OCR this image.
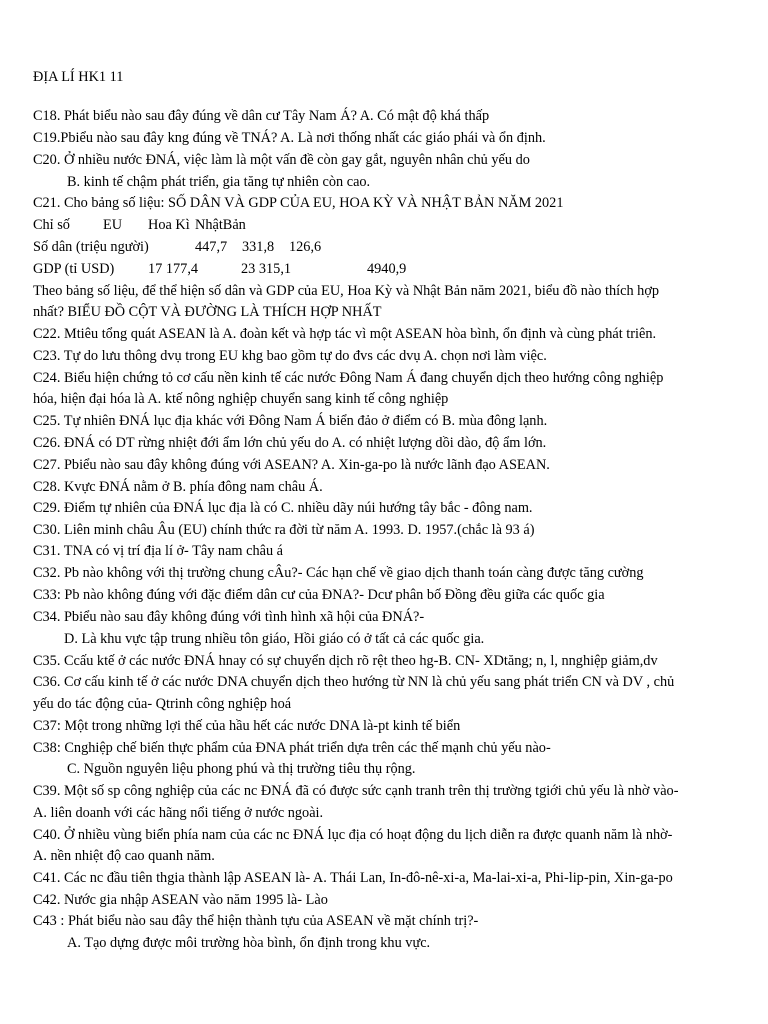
ĐỊA LÍ HK1 11
C18. Phát biểu nào sau đây đúng về dân cư Tây Nam Á? A. Có mật độ khá thấp
C19.Pbiểu nào sau đây kng đúng về TNÁ? A. Là nơi thống nhất các giáo phái và ổn định.
C20. Ở nhiều nước ĐNÁ, việc làm là một vấn đề còn gay gắt, nguyên nhân chủ yếu do
B. kinh tế chậm phát triển, gia tăng tự nhiên còn cao.
C21. Cho bảng số liệu: SỐ DÂN VÀ GDP CỦA EU, HOA KỲ VÀ NHẬT BẢN NĂM 2021
Chỉ số EU Hoa Kì NhậtBản
Số dân (triệu người)	447,7 331,8 126,6
GDP (tỉ USD) 17 177,4	23 315,1	4940,9
Theo bảng số liệu, để thể hiện số dân và GDP của EU, Hoa Kỳ và Nhật Bản năm 2021, biểu đồ nào thích hợp
nhất? BIỂU ĐỒ CỘT VÀ ĐƯỜNG LÀ THÍCH HỢP NHẤT
C22. Mtiêu tổng quát ASEAN là A. đoàn kết và hợp tác vì một ASEAN hòa bình, ổn định và cùng phát triên.
C23. Tự do lưu thông dvụ trong EU khg bao gồm tự do đvs các dvụ A. chọn nơi làm việc.
C24. Biểu hiện chứng tỏ cơ cấu nền kinh tế các nước Đông Nam Á đang chuyển dịch theo hướng công nghiệp
hóa, hiện đại hóa là A. ktế nông nghiệp chuyển sang kinh tế công nghiệp
C25. Tự nhiên ĐNÁ lục địa khác với Đông Nam Á biển đảo ở điểm có B. mùa đông lạnh.
C26. ĐNÁ có DT rừng nhiệt đới ẩm lớn chủ yếu do A. có nhiệt lượng dồi dào, độ ẩm lớn.
C27. Pbiểu nào sau đây không đúng với ASEAN? A. Xin-ga-po là nước lãnh đạo ASEAN.
C28. Kvực ĐNÁ nằm ở B. phía đông nam châu Á.
C29. Điểm tự nhiên của ĐNÁ lục địa là có C. nhiều dãy núi hướng tây bắc - đông nam.
C30. Liên minh châu Âu (EU) chính thức ra đời từ năm A. 1993. D. 1957.(chắc là 93 á)
C31. TNA có vị trí địa lí ở- Tây nam châu á
C32. Pb nào không với thị trường chung cÂu?- Các hạn chế về giao dịch thanh toán càng được tăng cường
C33: Pb nào không đúng với đặc điểm dân cư của ĐNA?- Dcư phân bố Đồng đều giữa các quốc gia
C34. Pbiểu nào sau đây không đúng với tình hình xã hội của ĐNÁ?-
D. Là khu vực tập trung nhiều tôn giáo, Hồi giáo có ở tất cả các quốc gia.
C35. Ccấu ktế ở các nước ĐNÁ hnay có sự chuyển dịch rõ rệt theo hg-B. CN- XDtăng; n, l, nnghiệp giảm,dv
C36. Cơ cấu kinh tế ở các nước DNA chuyển dịch theo hướng từ NN là chủ yếu sang phát triển CN và DV , chủ
yếu do tác động của- Qtrinh công nghiệp hoá
C37: Một trong những lợi thế của hầu hết các nước DNA là-pt kinh tế biển
C38: Cnghiệp chế biến thực phẩm của ĐNA phát triển dựa trên các thế mạnh chủ yếu nào-
C. Nguồn nguyên liệu phong phú và thị trường tiêu thụ rộng.
C39. Một số sp công nghiệp của các nc ĐNÁ đã có được sức cạnh tranh trên thị trường tgiới chủ yếu là nhờ vào-
A. liên doanh với các hãng nổi tiếng ở nước ngoài.
C40. Ở nhiều vùng biển phía nam của các nc ĐNÁ lục địa có hoạt động du lịch diễn ra được quanh năm là nhờ-
A. nền nhiệt độ cao quanh năm.
C41. Các nc đầu tiên thgia thành lập ASEAN là- A. Thái Lan, In-đô-nê-xi-a, Ma-lai-xi-a, Phi-lip-pin, Xin-ga-po
C42. Nước gia nhập ASEAN vào năm 1995 là- Lào
C43 : Phát biểu nào sau đây thể hiện thành tựu của ASEAN về mặt chính trị?-
A. Tạo dựng được môi trường hòa bình, ổn định trong khu vực.
